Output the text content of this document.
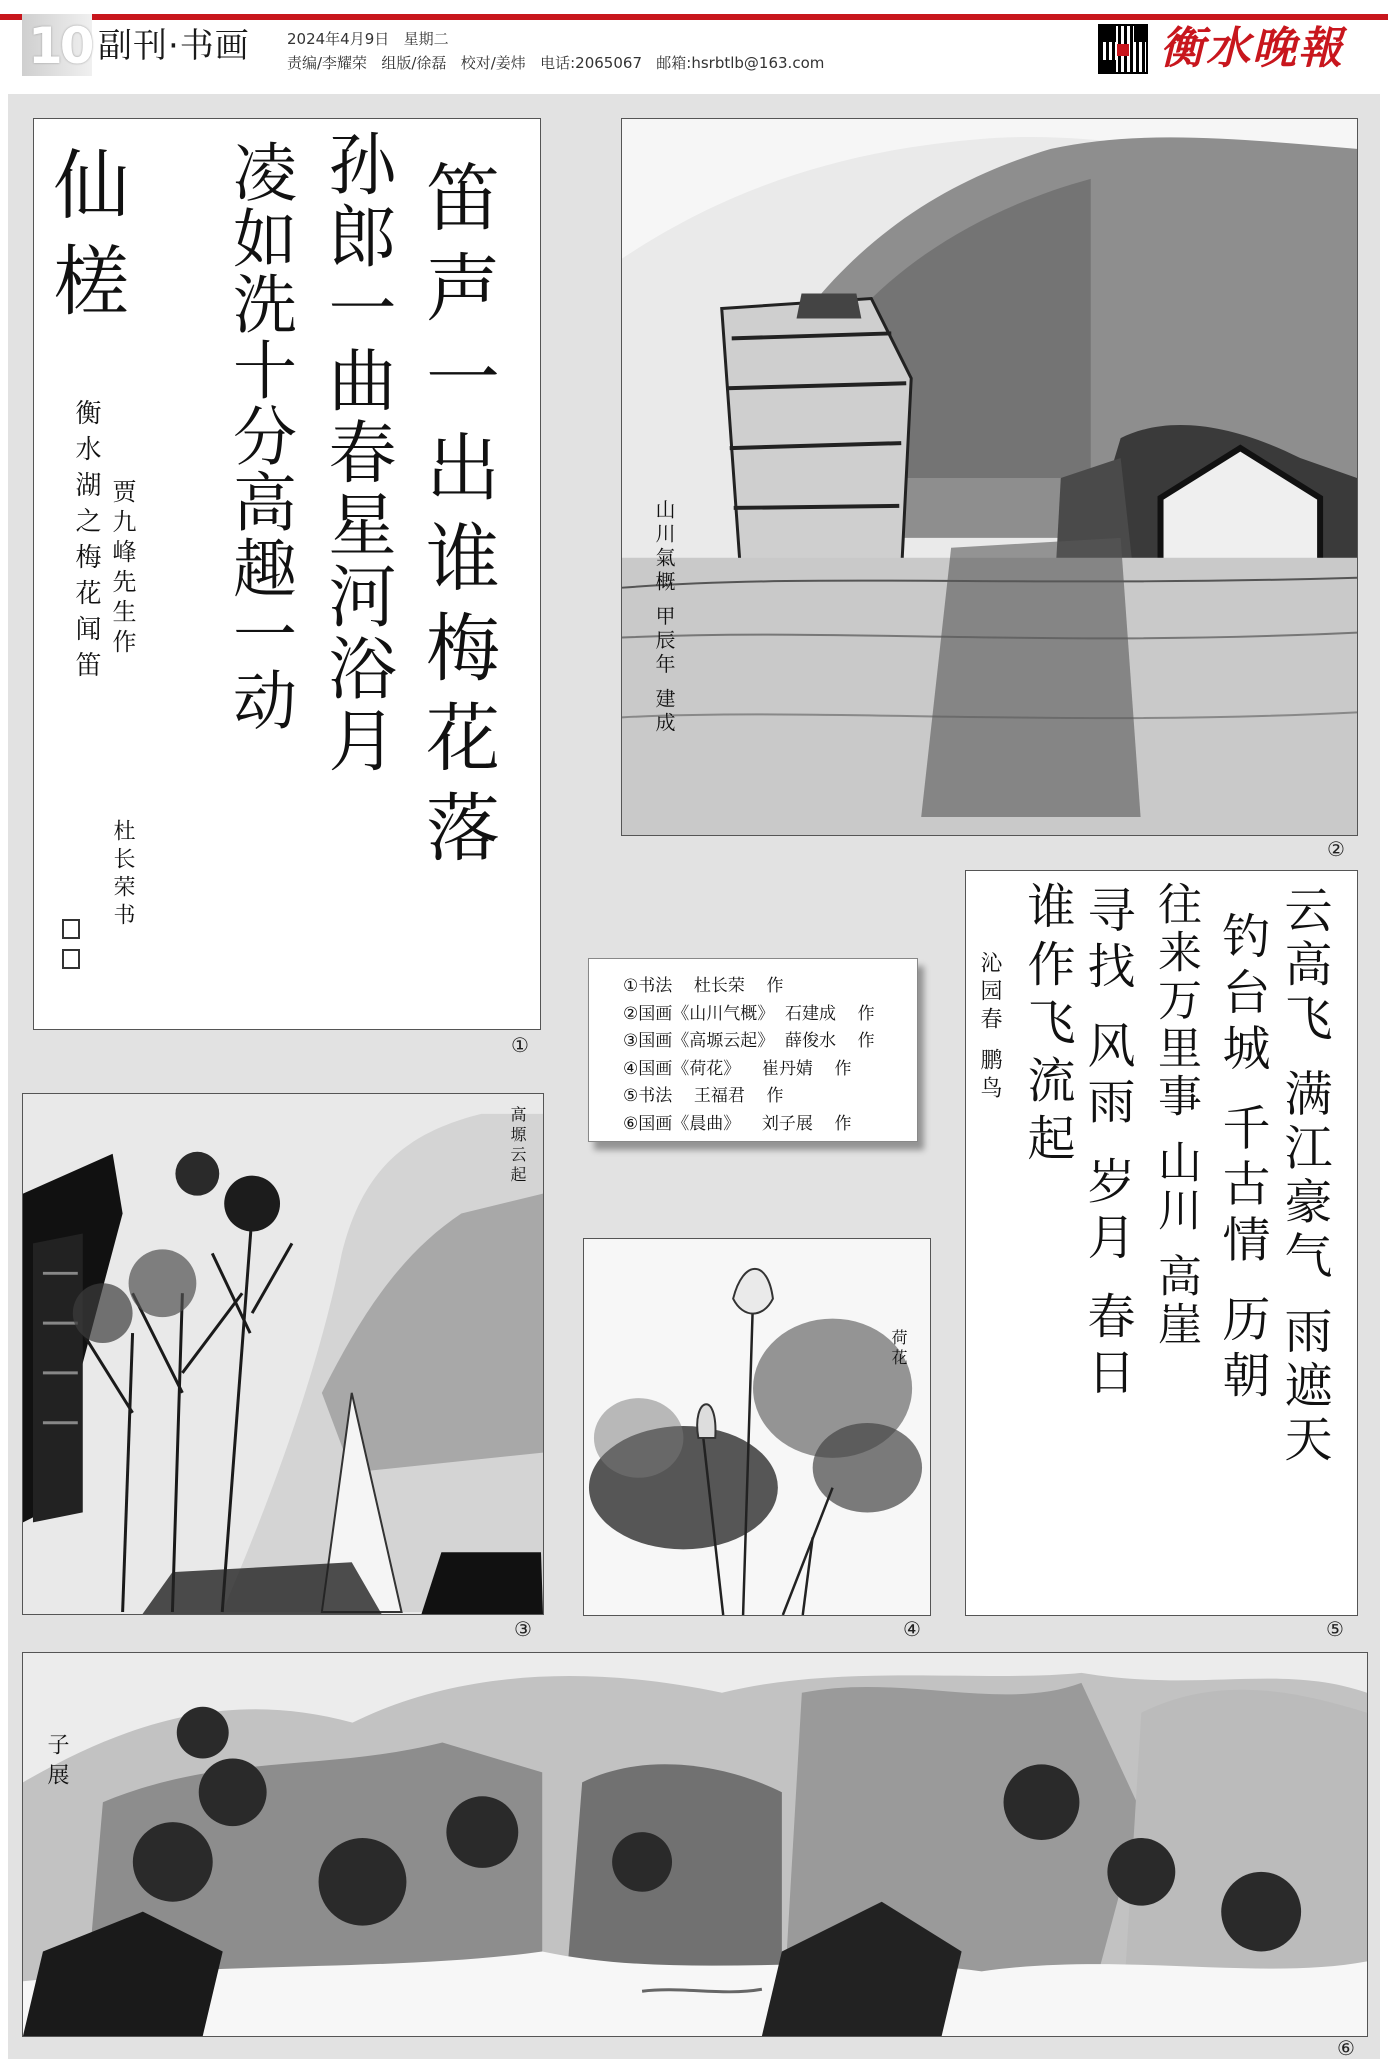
10 副刊·书画 2024年4月9日 星期二
责编/李耀荣 组版/徐磊 校对/姜炜 电话:2065067 邮箱:hsrbtlb@163.com	衡水晚報
笛声一出谁梅花落
孙郎一曲春星河浴月
凌如洗十分高趣一动
仙槎
贾九峰先生作
衡水湖之梅花闻笛
杜长荣书
①
山川氣概 甲辰年 建成
②
①书法    杜长荣    作
②国画《山川气概》  石建成    作
③国画《高塬云起》  薛俊水    作
④国画《荷花》    崔丹婧    作
⑤书法    王福君    作
⑥国画《晨曲》    刘子展    作	云高飞 满江豪气 雨遮天
钓台城 千古情 历朝
往来万里事 山川 高崖
寻找 风雨 岁月 春日
谁作飞流起
沁园春 鹏鸟
⑤
高塬云起
③
荷花
④
子展
⑥
